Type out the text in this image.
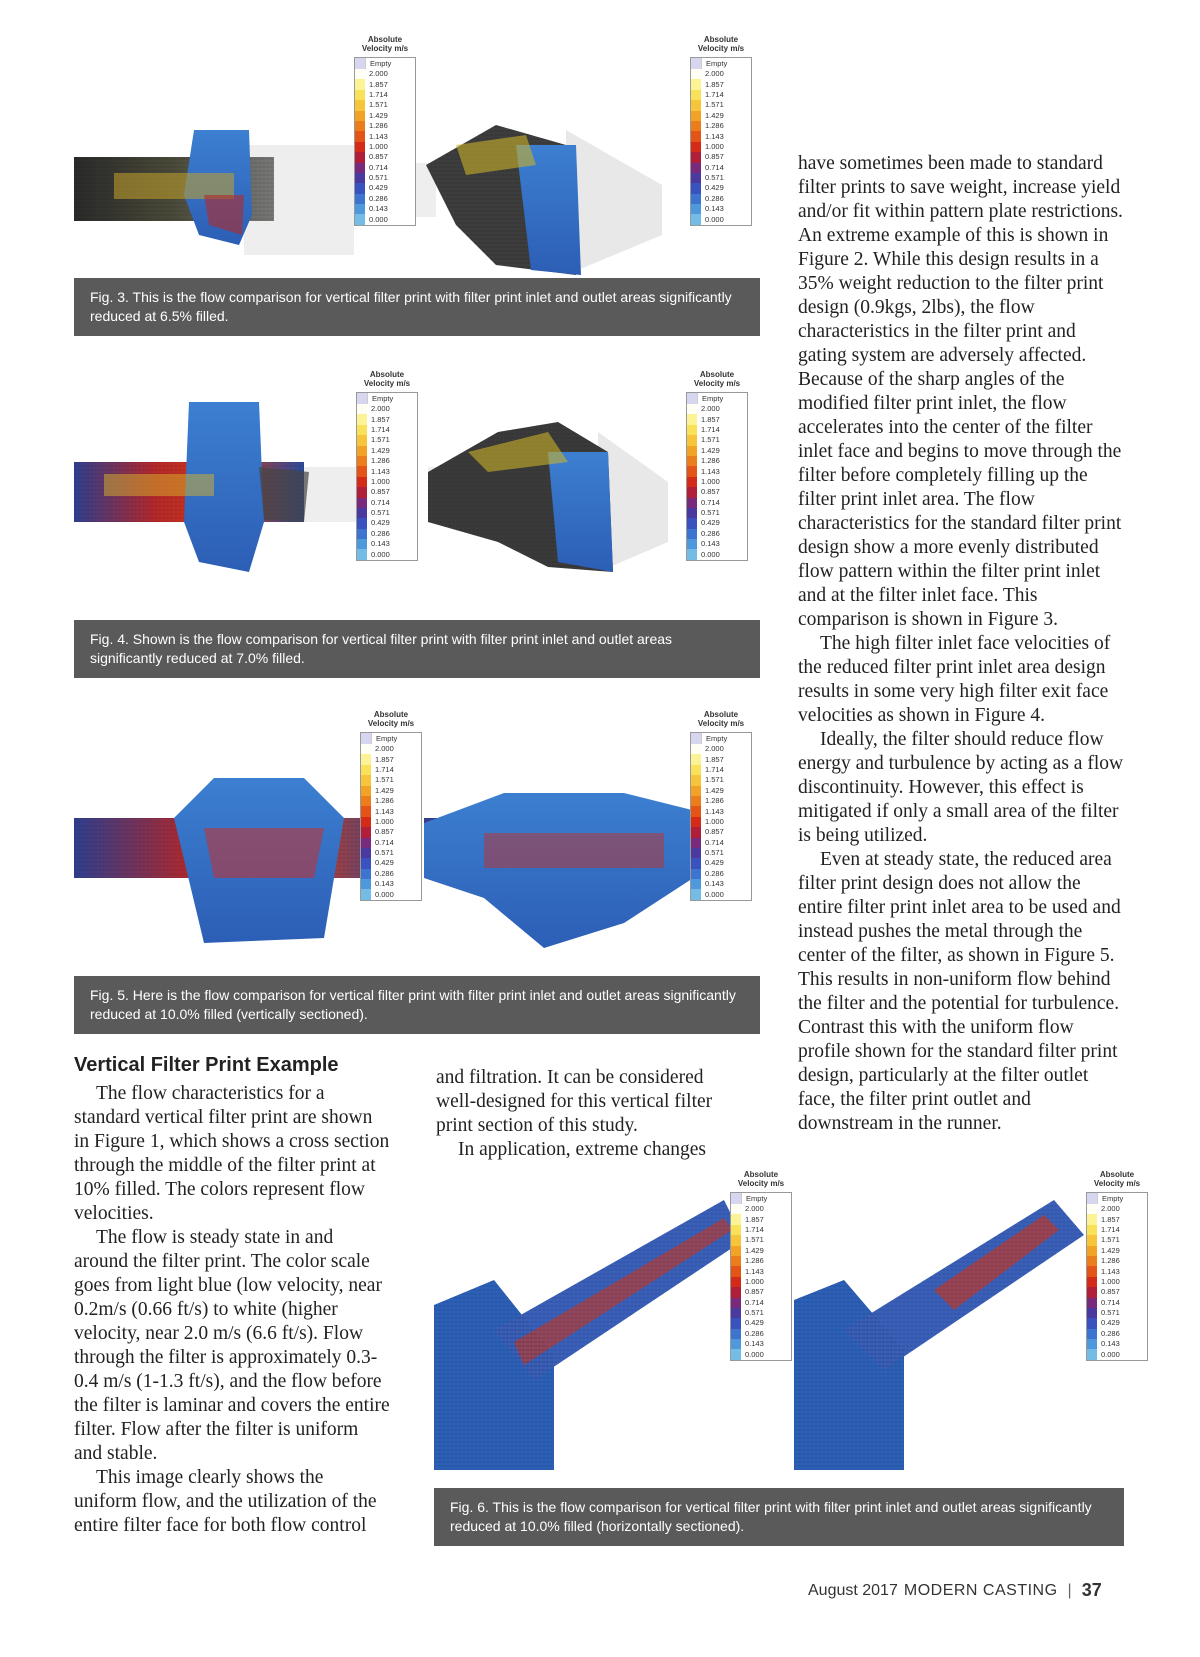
Absolute
Velocity m/s
Empty
2.000
1.857
1.714
1.571
1.429
1.286
1.143
1.000
0.857
0.714
0.571
0.429
0.286
0.143
0.000
Absolute
Velocity m/s
Empty
2.000
1.857
1.714
1.571
1.429
1.286
1.143
1.000
0.857
0.714
0.571
0.429
0.286
0.143
0.000
Fig. 3. This is the flow comparison for vertical filter print with filter print inlet and outlet areas significantly reduced at 6.5% filled.
Absolute
Velocity m/s
Empty
2.000
1.857
1.714
1.571
1.429
1.286
1.143
1.000
0.857
0.714
0.571
0.429
0.286
0.143
0.000
Absolute
Velocity m/s
Empty
2.000
1.857
1.714
1.571
1.429
1.286
1.143
1.000
0.857
0.714
0.571
0.429
0.286
0.143
0.000
Fig. 4. Shown is the flow comparison for vertical filter print with filter print inlet and outlet areas significantly reduced at 7.0% filled.
Absolute
Velocity m/s
Empty
2.000
1.857
1.714
1.571
1.429
1.286
1.143
1.000
0.857
0.714
0.571
0.429
0.286
0.143
0.000
Absolute
Velocity m/s
Empty
2.000
1.857
1.714
1.571
1.429
1.286
1.143
1.000
0.857
0.714
0.571
0.429
0.286
0.143
0.000
Fig. 5. Here is the flow comparison for vertical filter print with filter print inlet and outlet areas significantly reduced at 10.0% filled (vertically sectioned).
Absolute
Velocity m/s
Empty
2.000
1.857
1.714
1.571
1.429
1.286
1.143
1.000
0.857
0.714
0.571
0.429
0.286
0.143
0.000
Absolute
Velocity m/s
Empty
2.000
1.857
1.714
1.571
1.429
1.286
1.143
1.000
0.857
0.714
0.571
0.429
0.286
0.143
0.000
Fig. 6. This is the flow comparison for vertical filter print with filter print inlet and outlet areas significantly reduced at 10.0% filled (horizontally sectioned).
Vertical Filter Print Example

The flow characteristics for a standard vertical filter print are shown in Figure 1, which shows a cross section through the middle of the filter print at 10% filled. The colors represent flow velocities.

The flow is steady state in and around the filter print. The color scale goes from light blue (low velocity, near 0.2m/s (0.66 ft/s) to white (higher velocity, near 2.0 m/s (6.6 ft/s). Flow through the filter is approximately 0.3-0.4 m/s (1-1.3 ft/s), and the flow before the filter is laminar and covers the entire filter. Flow after the filter is uniform and stable.

This image clearly shows the uniform flow, and the utilization of the entire filter face for both flow control

and filtration. It can be considered well-designed for this vertical filter print section of this study.

In application, extreme changes

have sometimes been made to standard filter prints to save weight, increase yield and/or fit within pattern plate restrictions. An extreme example of this is shown in Figure 2. While this design results in a 35% weight reduction to the filter print design (0.9kgs, 2lbs), the flow characteristics in the filter print and gating system are adversely affected. Because of the sharp angles of the modified filter print inlet, the flow accelerates into the center of the filter inlet face and begins to move through the filter before completely filling up the filter print inlet area. The flow characteristics for the standard filter print design show a more evenly distributed flow pattern within the filter print inlet and at the filter inlet face. This comparison is shown in Figure 3.

The high filter inlet face velocities of the reduced filter print inlet area design results in some very high filter exit face velocities as shown in Figure 4.

Ideally, the filter should reduce flow energy and turbulence by acting as a flow discontinuity. However, this effect is mitigated if only a small area of the filter is being utilized.

Even at steady state, the reduced area filter print design does not allow the entire filter print inlet area to be used and instead pushes the metal through the center of the filter, as shown in Figure 5. This results in non-uniform flow behind the filter and the potential for turbulence. Contrast this with the uniform flow profile shown for the standard filter print design, particularly at the filter outlet face, the filter print outlet and downstream in the runner.

August 2017 MODERN CASTING | 37
